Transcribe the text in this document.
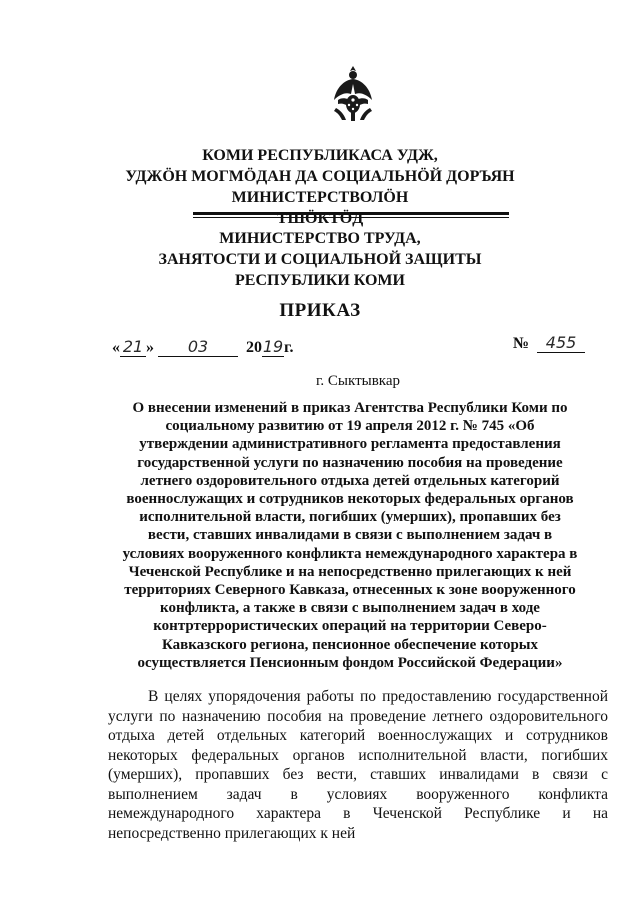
КОМИ РЕСПУБЛИКАСА УДЖ,
УДЖÖН МОГМÖДАН ДА СОЦИАЛЬНÖЙ ДОРЪЯН
МИНИСТЕРСТВОЛÖН
ТШÖКТÖД
МИНИСТЕРСТВО ТРУДА,
ЗАНЯТОСТИ И СОЦИАЛЬНОЙ ЗАЩИТЫ
РЕСПУБЛИКИ КОМИ
ПРИКАЗ
« 21 » 03 2019г.	№ 455
г. Сыктывкар
О внесении изменений в приказ Агентства Республики Коми по социальному развитию от 19 апреля 2012 г. № 745 «Об утверждении административного регламента предоставления государственной услуги по назначению пособия на проведение летнего оздоровительного отдыха детей отдельных категорий военнослужащих и сотрудников некоторых федеральных органов исполнительной власти, погибших (умерших), пропавших без вести, ставших инвалидами в связи с выполнением задач в условиях вооруженного конфликта немеждународного характера в Чеченской Республике и на непосредственно прилегающих к ней территориях Северного Кавказа, отнесенных к зоне вооруженного конфликта, а также в связи с выполнением задач в ходе контртеррористических операций на территории Северо-Кавказского региона, пенсионное обеспечение которых осуществляется Пенсионным фондом Российской Федерации»
В целях упорядочения работы по предоставлению государственной услуги по назначению пособия на проведение летнего оздоровительного отдыха детей отдельных категорий военнослужащих и сотрудников некоторых федеральных органов исполнительной власти, погибших (умерших), пропавших без вести, ставших инвалидами в связи с выполнением задач в условиях вооруженного конфликта немеждународного характера в Чеченской Республике и на непосредственно прилегающих к ней
